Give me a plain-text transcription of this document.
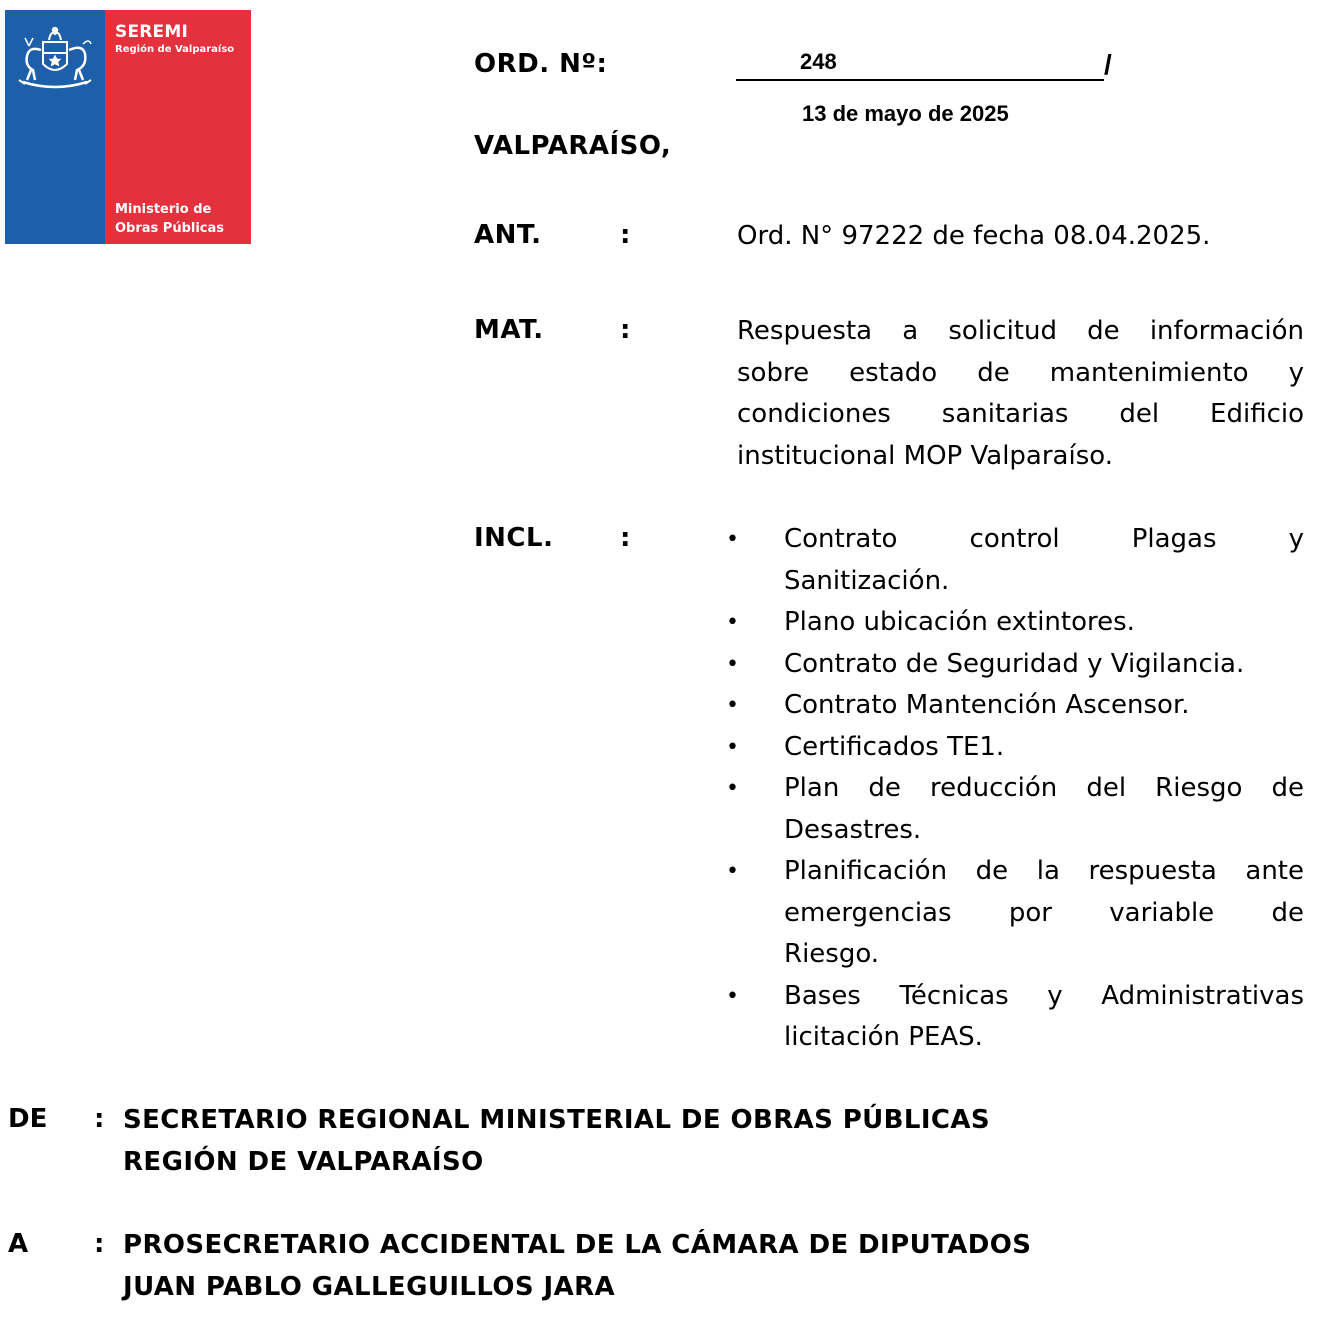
SEREMI
Región de Valparaíso
Ministerio de
Obras Públicas
ORD. Nº:	248	/
13 de mayo de 2025
VALPARAÍSO,
ANT.	:	Ord. N° 97222 de fecha 08.04.2025.
MAT.	:	Respuesta a solicitud de información
sobre estado de mantenimiento y
condiciones sanitarias del Edificio
institucional MOP Valparaíso.
INCL.	:	• Contrato control Plagas y
Sanitización.
• Plano ubicación extintores.
• Contrato de Seguridad y Vigilancia.
• Contrato Mantención Ascensor.
• Certificados TE1.
• Plan de reducción del Riesgo de
Desastres.
• Planificación de la respuesta ante
emergencias por variable de
Riesgo.
• Bases Técnicas y Administrativas
licitación PEAS.
DE : SECRETARIO REGIONAL MINISTERIAL DE OBRAS PÚBLICAS
REGIÓN DE VALPARAÍSO
A	: PROSECRETARIO ACCIDENTAL DE LA CÁMARA DE DIPUTADOS
JUAN PABLO GALLEGUILLOS JARA
